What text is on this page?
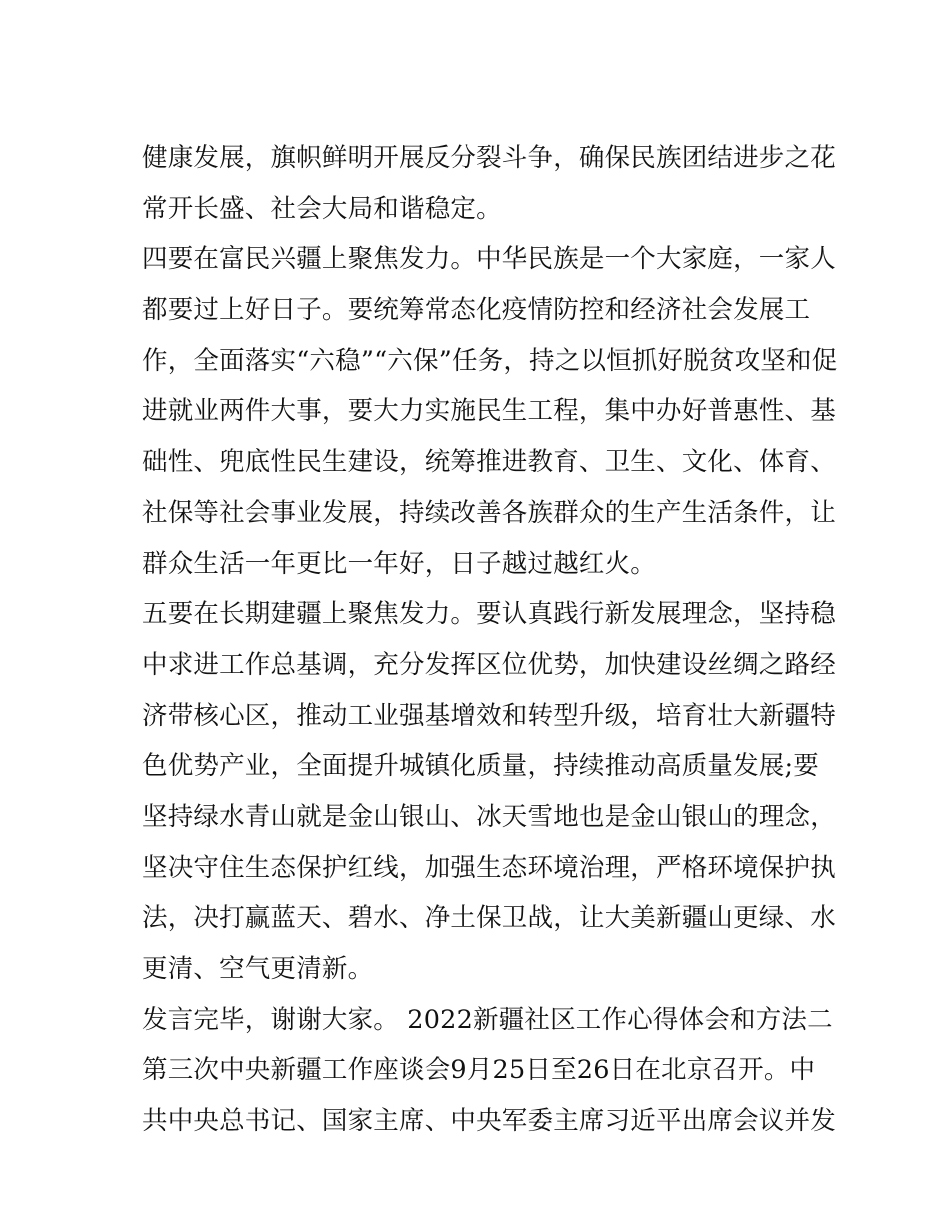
健康发展，旗帜鲜明开展反分裂斗争，确保民族团结进步之花
常开长盛、社会大局和谐稳定。
四要在富民兴疆上聚焦发力。中华民族是一个大家庭，一家人
都要过上好日子。要统筹常态化疫情防控和经济社会发展工
作，全面落实“六稳”“六保”任务，持之以恒抓好脱贫攻坚和促
进就业两件大事，要大力实施民生工程，集中办好普惠性、基
础性、兜底性民生建设，统筹推进教育、卫生、文化、体育、
社保等社会事业发展，持续改善各族群众的生产生活条件，让
群众生活一年更比一年好，日子越过越红火。
五要在长期建疆上聚焦发力。要认真践行新发展理念，坚持稳
中求进工作总基调，充分发挥区位优势，加快建设丝绸之路经
济带核心区，推动工业强基增效和转型升级，培育壮大新疆特
色优势产业，全面提升城镇化质量，持续推动高质量发展;要
坚持绿水青山就是金山银山、冰天雪地也是金山银山的理念，
坚决守住生态保护红线，加强生态环境治理，严格环境保护执
法，决打赢蓝天、碧水、净土保卫战，让大美新疆山更绿、水
更清、空气更清新。
发言完毕，谢谢大家。 2022新疆社区工作心得体会和方法二
第三次中央新疆工作座谈会9月25日至26日在北京召开。中
共中央总书记、国家主席、中央军委主席习近平出席会议并发
